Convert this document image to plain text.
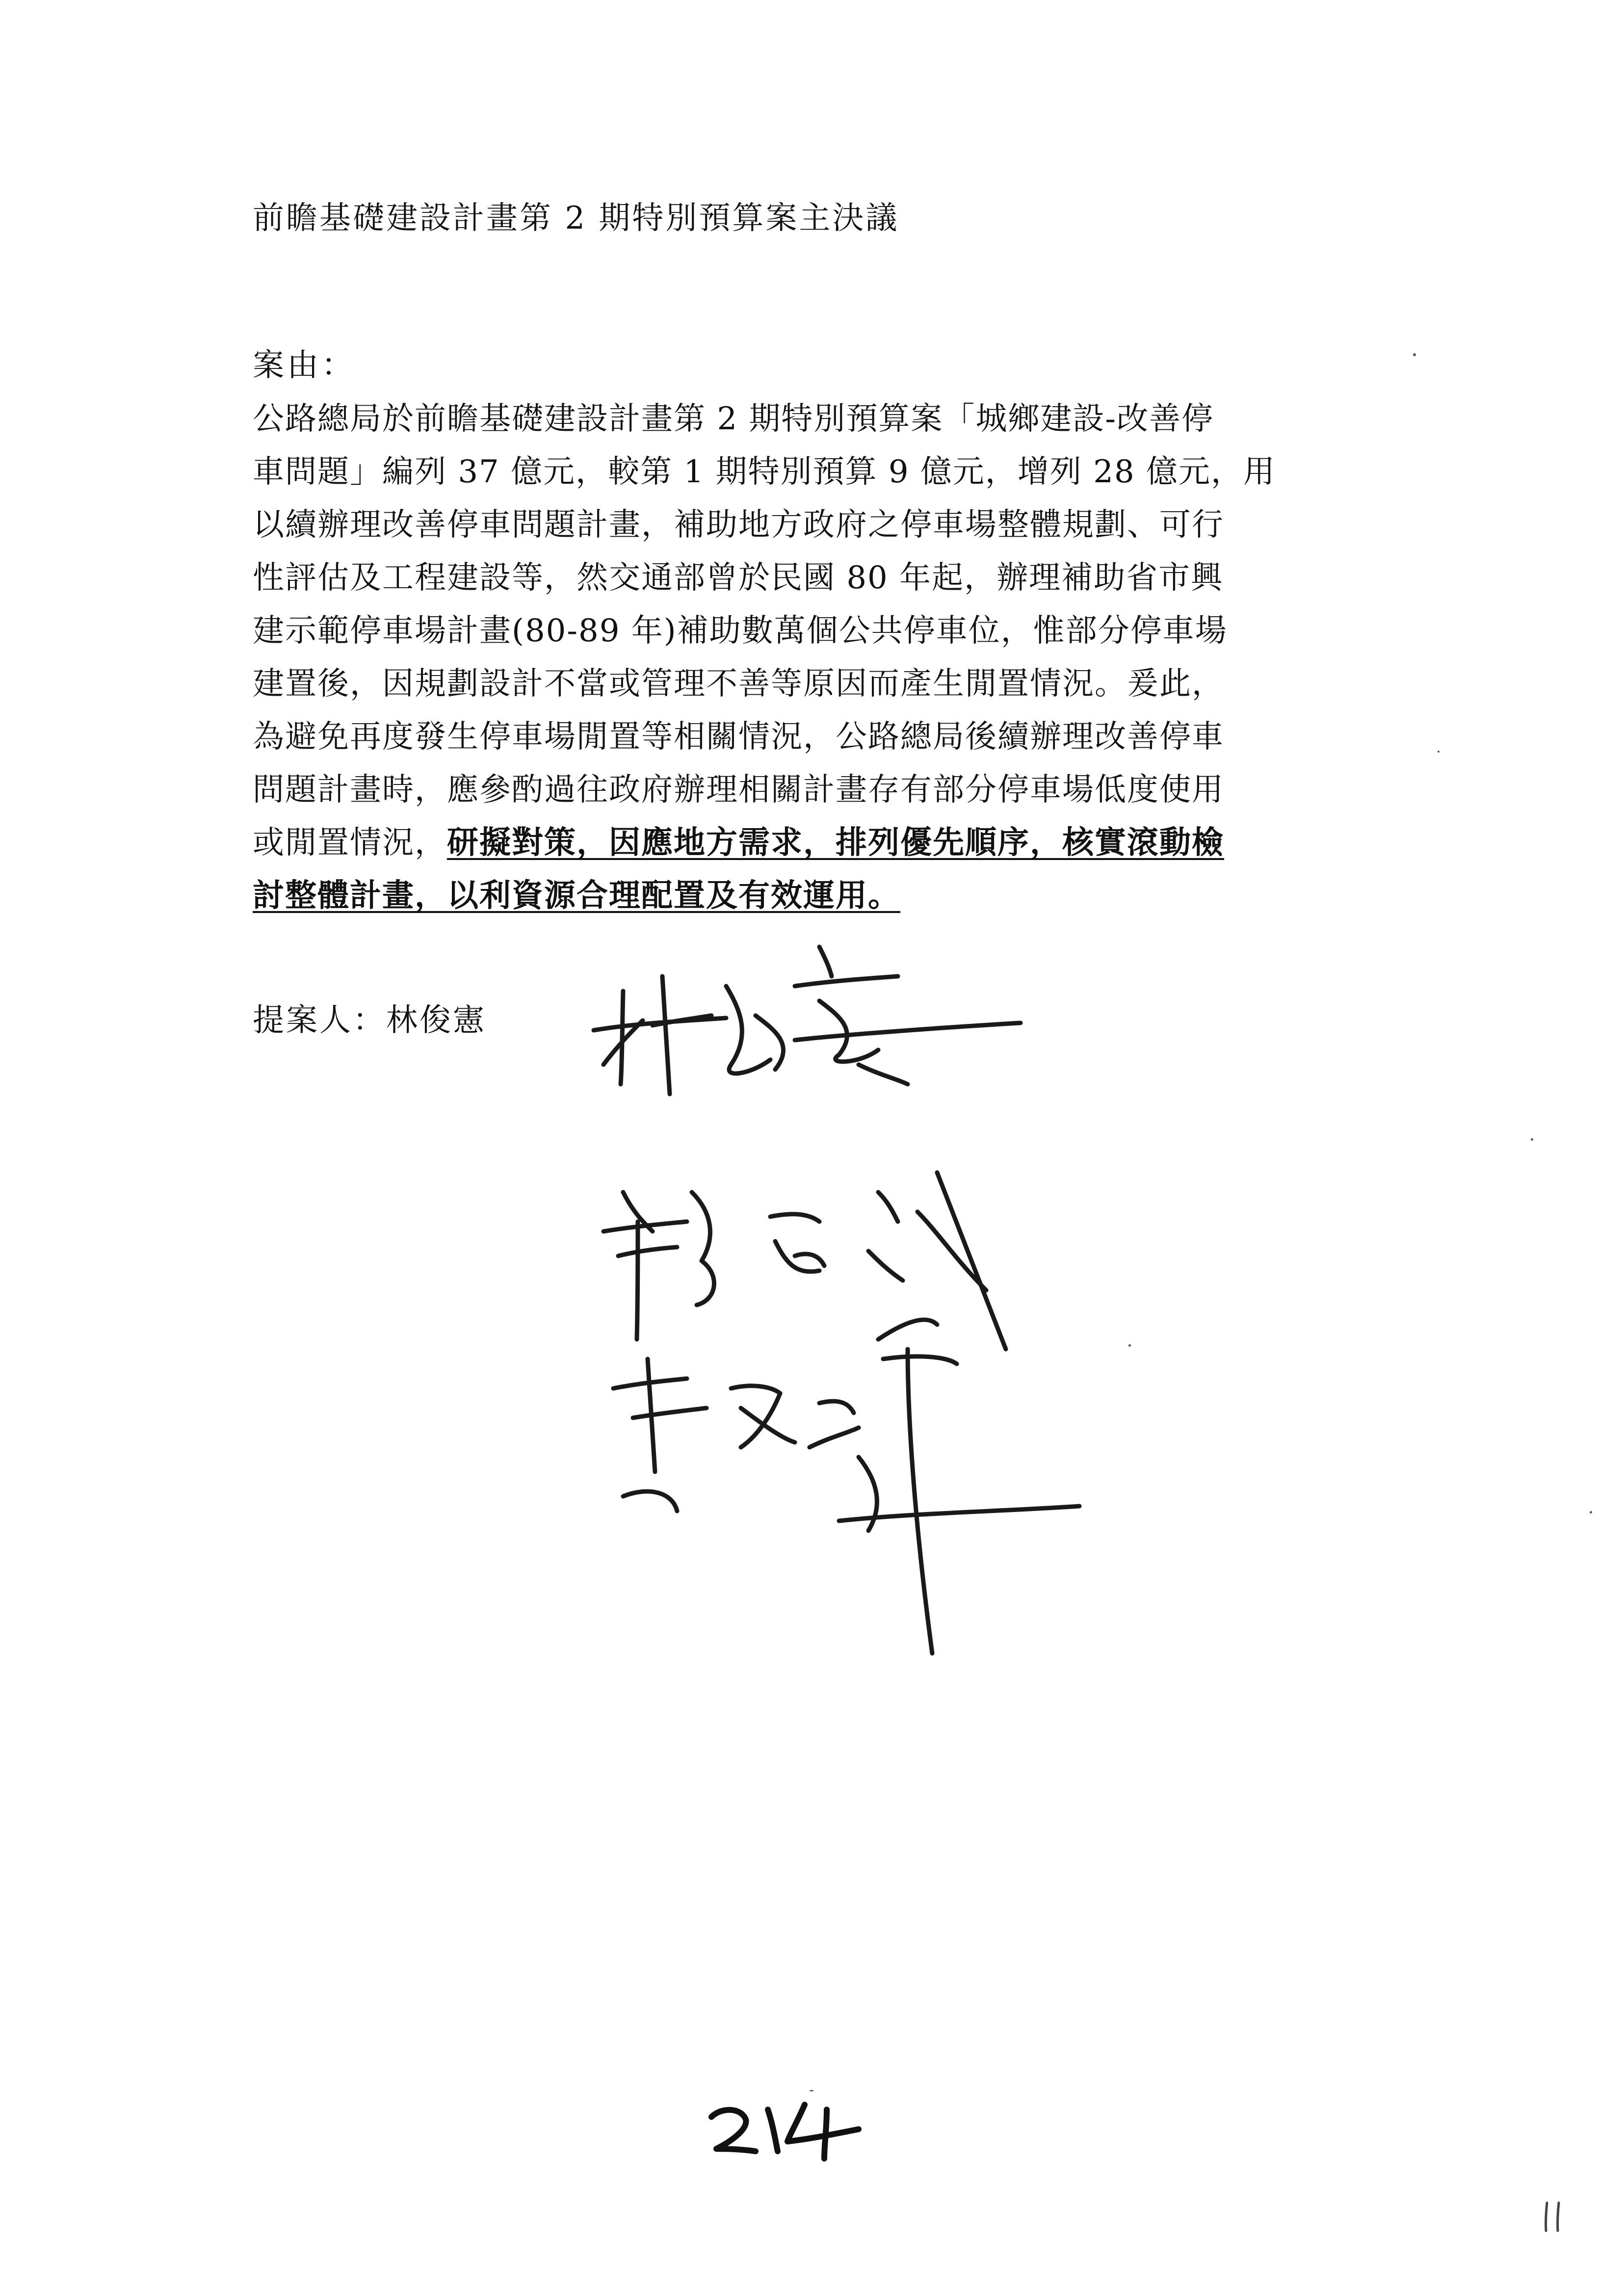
前瞻基礎建設計畫第 2 期特別預算案主決議
案由：
公路總局於前瞻基礎建設計畫第 2 期特別預算案「城鄉建設-改善停
車問題」編列 37 億元，較第 1 期特別預算 9 億元，增列 28 億元，用
以續辦理改善停車問題計畫，補助地方政府之停車場整體規劃、可行
性評估及工程建設等，然交通部曾於民國 80 年起，辦理補助省市興
建示範停車場計畫(80-89 年)補助數萬個公共停車位，惟部分停車場
建置後，因規劃設計不當或管理不善等原因而產生閒置情況。爰此，
為避免再度發生停車場閒置等相關情況，公路總局後續辦理改善停車
問題計畫時，應參酌過往政府辦理相關計畫存有部分停車場低度使用
或閒置情況，研擬對策，因應地方需求，排列優先順序，核實滾動檢
討整體計畫，以利資源合理配置及有效運用。
提案人：林俊憲
